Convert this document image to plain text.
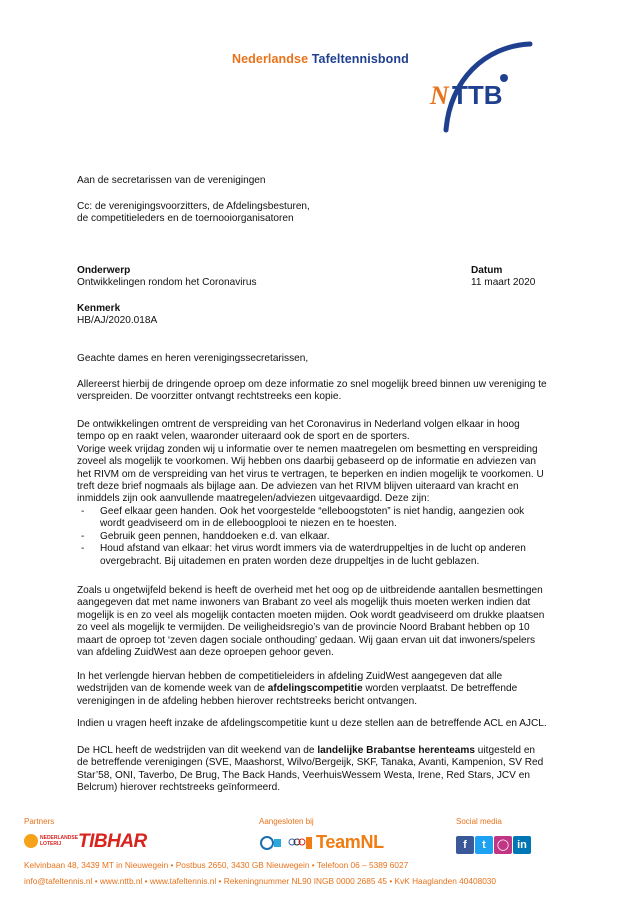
Nederlandse Tafeltennisbond
N TTB
Aan de secretarissen van de verenigingen
Cc: de verenigingsvoorzitters, de Afdelingsbesturen,
de competitieleders en de toernooiorganisatoren
Onderwerp
Ontwikkelingen rondom het Coronavirus
Datum
11 maart 2020
Kenmerk
HB/AJ/2020.018A
Geachte dames en heren verenigingssecretarissen,
Allereerst hierbij de dringende oproep om deze informatie zo snel mogelijk breed binnen uw vereniging te
verspreiden. De voorzitter ontvangt rechtstreeks een kopie.
De ontwikkelingen omtrent de verspreiding van het Coronavirus in Nederland volgen elkaar in hoog
tempo op en raakt velen, waaronder uiteraard ook de sport en de sporters.
Vorige week vrijdag zonden wij u informatie over te nemen maatregelen om besmetting en verspreiding
zoveel als mogelijk te voorkomen. Wij hebben ons daarbij gebaseerd op de informatie en adviezen van
het RIVM om de verspreiding van het virus te vertragen, te beperken en indien mogelijk te voorkomen. U
treft deze brief nogmaals als bijlage aan. De adviezen van het RIVM blijven uiteraard van kracht en
inmiddels zijn ook aanvullende maatregelen/adviezen uitgevaardigd. Deze zijn:
- Geef elkaar geen handen. Ook het voorgestelde “elleboogstoten” is niet handig, aangezien ook
wordt geadviseerd om in de elleboogplooi te niezen en te hoesten.
- Gebruik geen pennen, handdoeken e.d. van elkaar.
- Houd afstand van elkaar: het virus wordt immers via de waterdruppeltjes in de lucht op anderen
overgebracht. Bij uitademen en praten worden deze druppeltjes in de lucht geblazen.
Zoals u ongetwijfeld bekend is heeft de overheid met het oog op de uitbreidende aantallen besmettingen
aangegeven dat met name inwoners van Brabant zo veel als mogelijk thuis moeten werken indien dat
mogelijk is en zo veel als mogelijk contacten moeten mijden. Ook wordt geadviseerd om drukke plaatsen
zo veel als mogelijk te vermijden. De veiligheidsregio’s van de provincie Noord Brabant hebben op 10
maart de oproep tot ‘zeven dagen sociale onthouding’ gedaan. Wij gaan ervan uit dat inwoners/spelers
van afdeling ZuidWest aan deze oproepen gehoor geven.
In het verlengde hiervan hebben de competitieleiders in afdeling ZuidWest aangegeven dat alle
wedstrijden van de komende week van de afdelingscompetitie worden verplaatst. De betreffende
verenigingen in de afdeling hebben hierover rechtstreeks bericht ontvangen.
Indien u vragen heeft inzake de afdelingscompetitie kunt u deze stellen aan de betreffende ACL en AJCL.
De HCL heeft de wedstrijden van dit weekend van de landelijke Brabantse herenteams uitgesteld en
de betreffende verenigingen (SVE, Maashorst, Wilvo/Bergeijk, SKF, Tanaka, Avanti, Kampenion, SV Red
Star’58, ONI, Taverbo, De Brug, The Back Hands, VeerhuisWessem Westa, Irene, Red Stars, JCV en
Belcrum) hierover rechtstreeks geïnformeerd.
Partners	Aangesloten bij	Social media
NEDERLANDSE
LOTERIJ TIBHAR	TeamNL	f	t	◯ in
Kelvinbaan 48, 3439 MT in Nieuwegein • Postbus 2650, 3430 GB Nieuwegein • Telefoon 06 – 5389 6027
info@tafeltennis.nl • www.nttb.nl • www.tafeltennis.nl • Rekeningnummer NL90 INGB 0000 2685 45 • KvK Haaglanden 40408030
